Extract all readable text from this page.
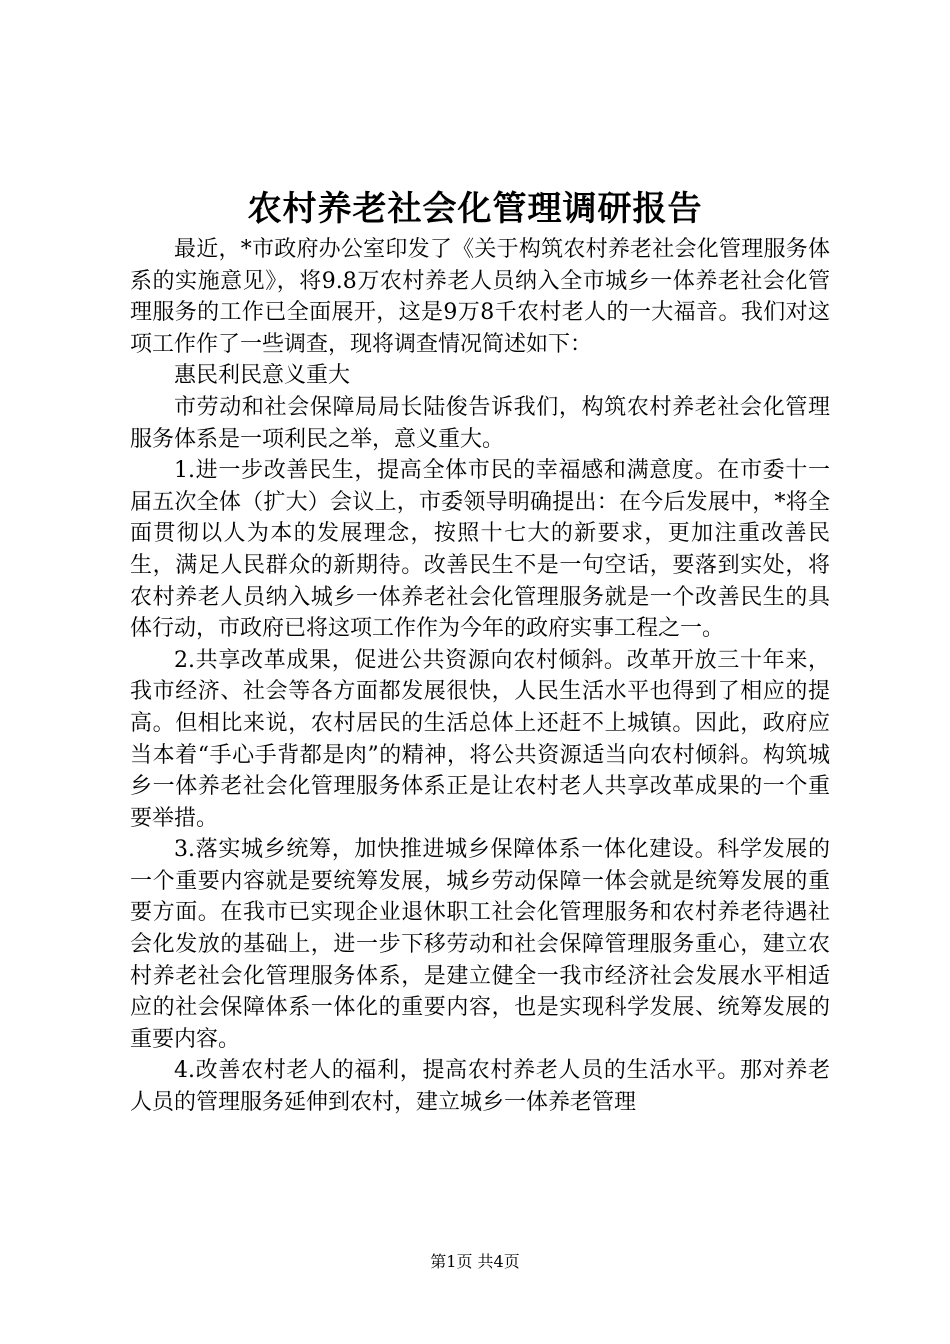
农村养老社会化管理调研报告

最近，*市政府办公室印发了《关于构筑农村养老社会化管理服务体系的实施意见》，将9.8万农村养老人员纳入全市城乡一体养老社会化管理服务的工作已全面展开，这是9万8千农村老人的一大福音。我们对这项工作作了一些调查，现将调查情况简述如下：

惠民利民意义重大

市劳动和社会保障局局长陆俊告诉我们，构筑农村养老社会化管理服务体系是一项利民之举，意义重大。

1.进一步改善民生，提高全体市民的幸福感和满意度。在市委十一届五次全体（扩大）会议上，市委领导明确提出：在今后发展中，*将全面贯彻以人为本的发展理念，按照十七大的新要求，更加注重改善民生，满足人民群众的新期待。改善民生不是一句空话，要落到实处，将农村养老人员纳入城乡一体养老社会化管理服务就是一个改善民生的具体行动，市政府已将这项工作作为今年的政府实事工程之一。

2.共享改革成果，促进公共资源向农村倾斜。改革开放三十年来，我市经济、社会等各方面都发展很快，人民生活水平也得到了相应的提高。但相比来说，农村居民的生活总体上还赶不上城镇。因此，政府应当本着“手心手背都是肉”的精神，将公共资源适当向农村倾斜。构筑城乡一体养老社会化管理服务体系正是让农村老人共享改革成果的一个重要举措。

3.落实城乡统筹，加快推进城乡保障体系一体化建设。科学发展的一个重要内容就是要统筹发展，城乡劳动保障一体会就是统筹发展的重要方面。在我市已实现企业退休职工社会化管理服务和农村养老待遇社会化发放的基础上，进一步下移劳动和社会保障管理服务重心，建立农村养老社会化管理服务体系，是建立健全一我市经济社会发展水平相适应的社会保障体系一体化的重要内容，也是实现科学发展、统筹发展的重要内容。

4.改善农村老人的福利，提高农村养老人员的生活水平。那对养老人员的管理服务延伸到农村，建立城乡一体养老管理

第1页 共4页
